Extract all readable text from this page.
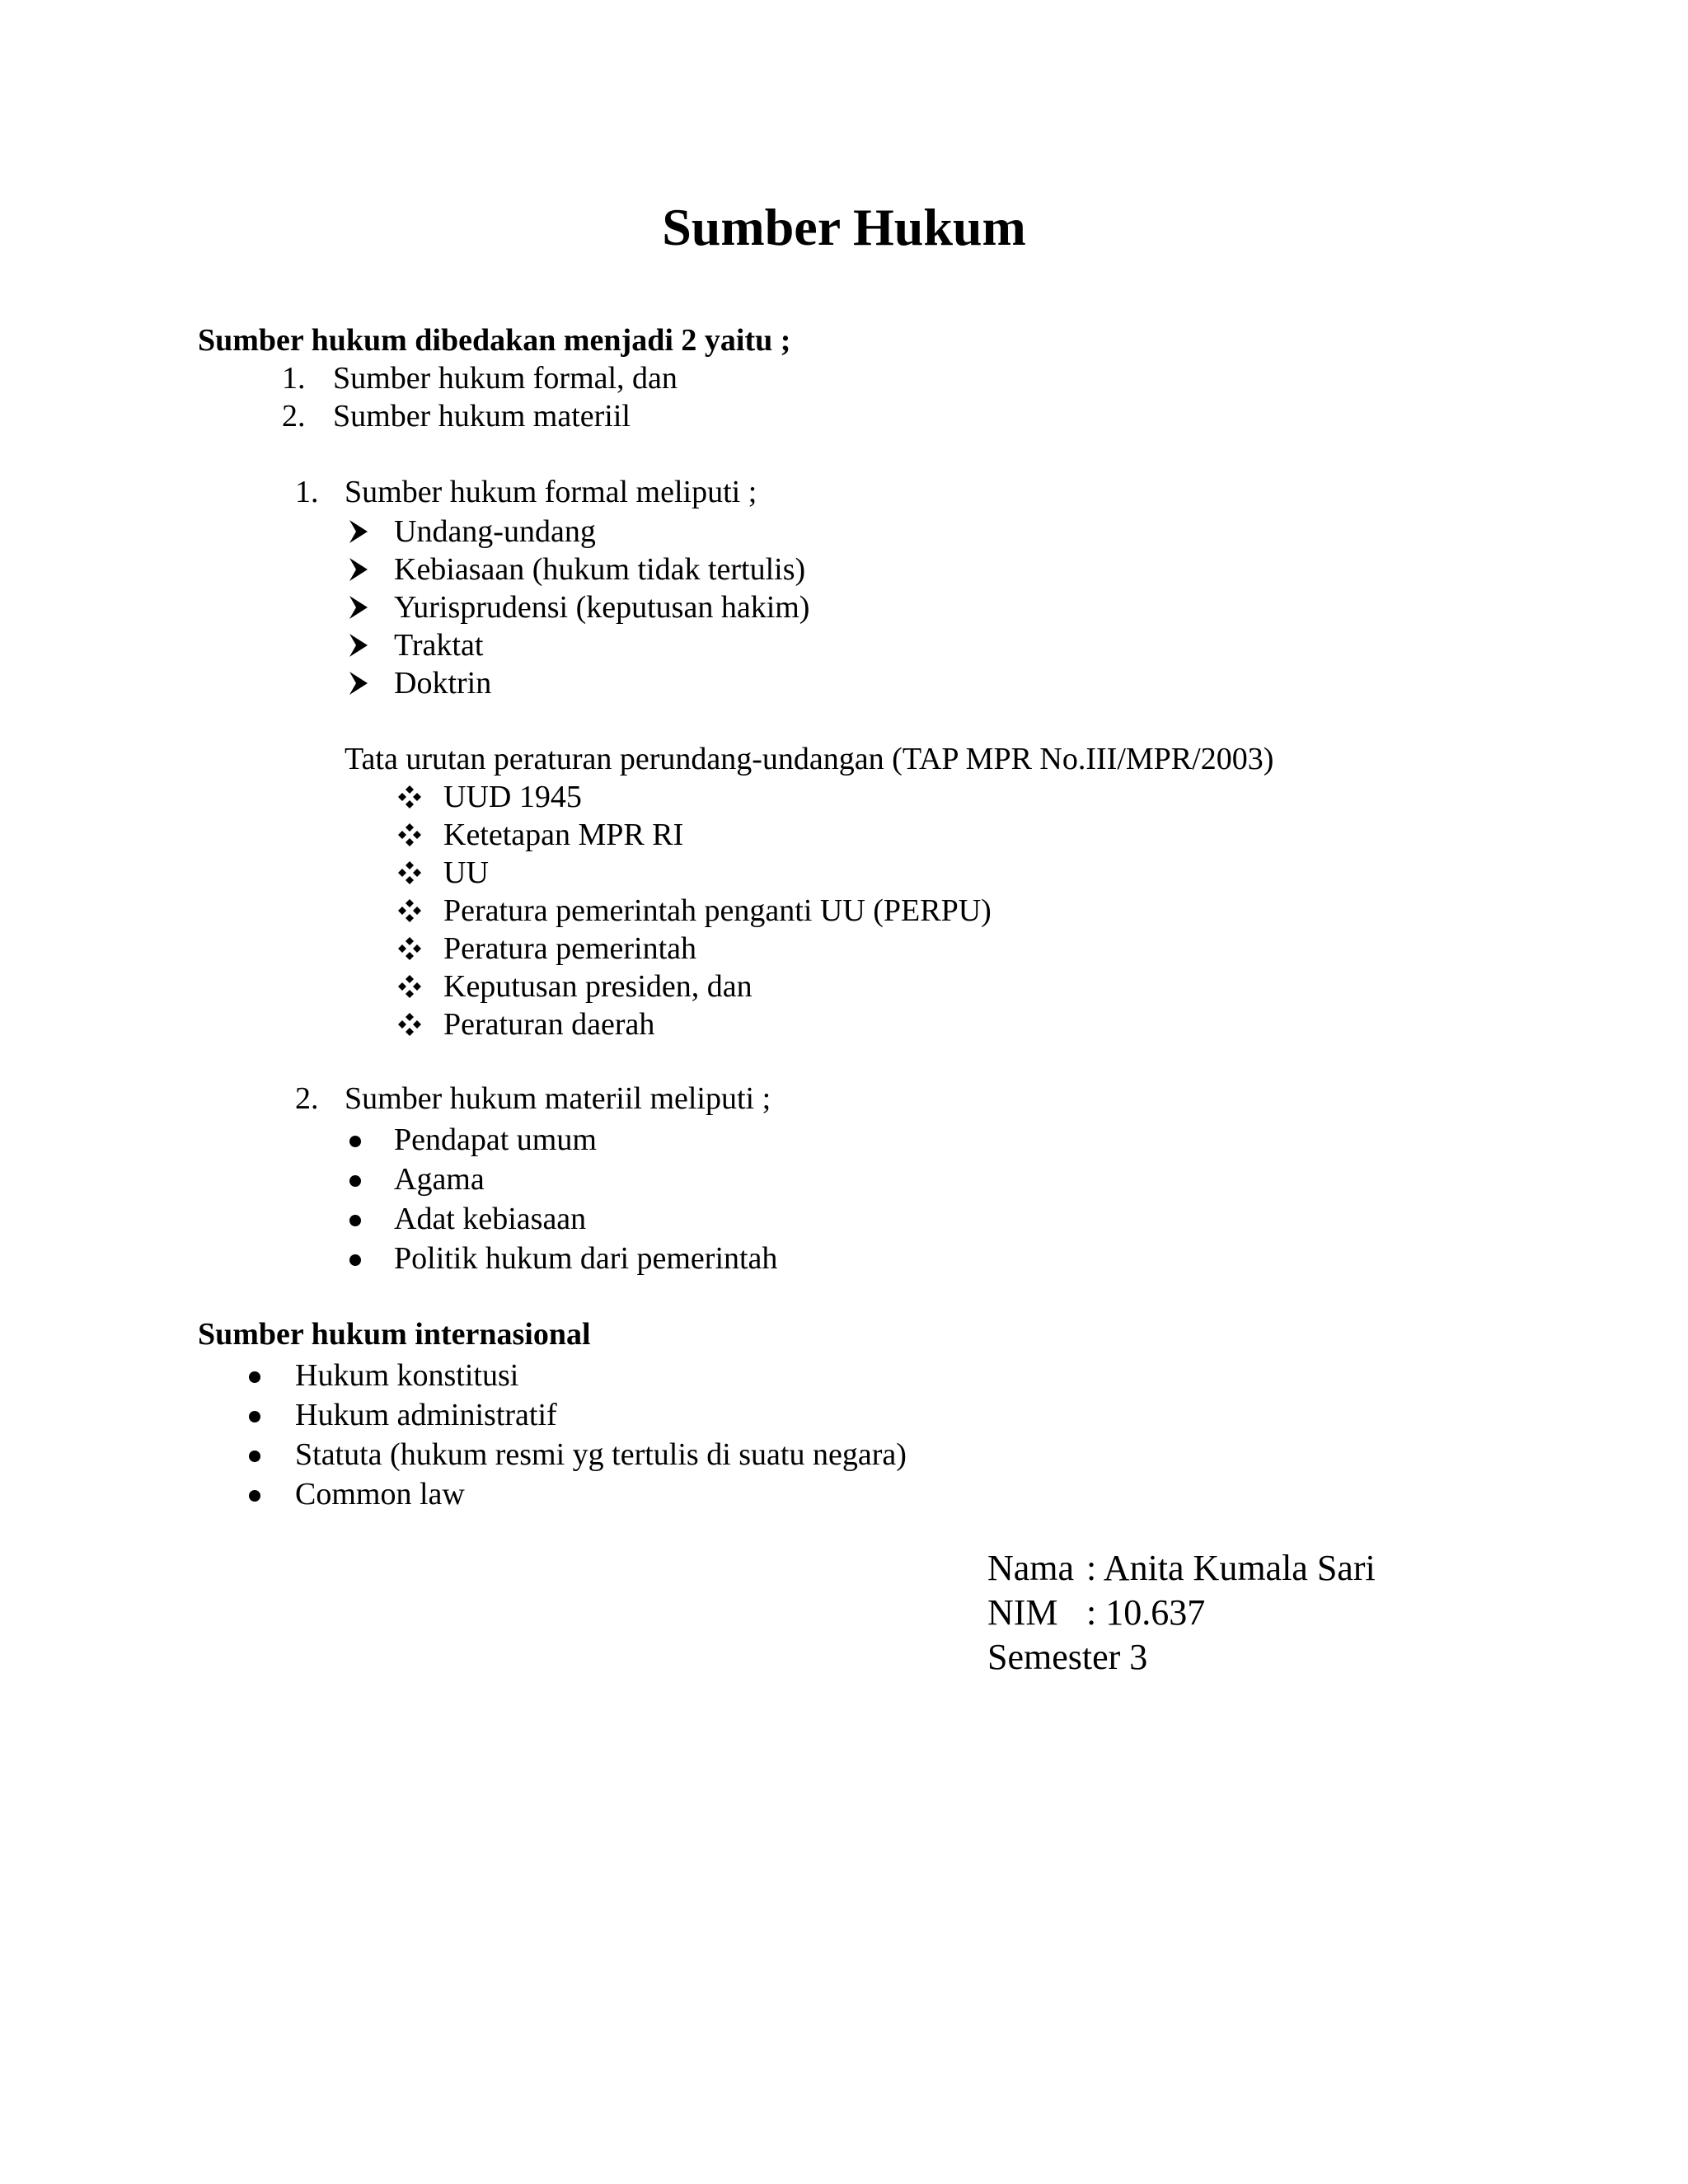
Sumber Hukum
Sumber hukum dibedakan menjadi 2 yaitu ;
1. Sumber hukum formal, dan
2. Sumber hukum materiil
1. Sumber hukum formal meliputi ;
Undang-undang
Kebiasaan (hukum tidak tertulis)
Yurisprudensi (keputusan hakim)
Traktat
Doktrin
Tata urutan peraturan perundang-undangan (TAP MPR No.III/MPR/2003)
UUD 1945
Ketetapan MPR RI
UU
Peratura pemerintah penganti UU (PERPU)
Peratura pemerintah
Keputusan presiden, dan
Peraturan daerah
2. Sumber hukum materiil meliputi ;
Pendapat umum
Agama
Adat kebiasaan
Politik hukum dari pemerintah
Sumber hukum internasional
Hukum konstitusi
Hukum administratif
Statuta (hukum resmi yg tertulis di suatu negara)
Common law
Nama : Anita Kumala Sari
NIM : 10.637
Semester 3
